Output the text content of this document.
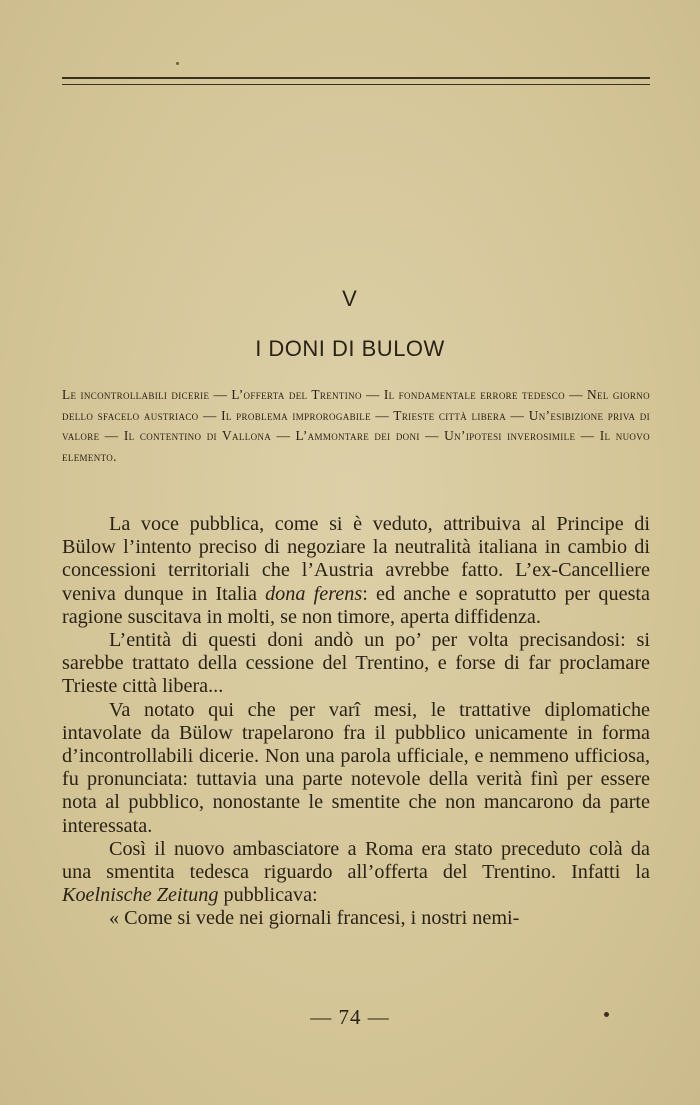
V
I DONI DI BULOW

Le incontrollabili dicerie — L’offerta del Trentino — Il fondamentale errore tedesco — Nel giorno dello sfacelo austriaco — Il problema improrogabile — Trieste città libera — Un’esibizione priva di valore — Il contentino di Vallona — L’ammontare dei doni — Un’ipotesi inverosimile — Il nuovo elemento.

La voce pubblica, come si è veduto, attribuiva al Principe di Bülow l’intento preciso di negoziare la neutralità italiana in cambio di concessioni territoriali che l’Austria avrebbe fatto. L’ex-Cancelliere veniva dunque in Italia dona ferens: ed anche e sopratutto per questa ragione suscitava in molti, se non timore, aperta diffidenza.

L’entità di questi doni andò un po’ per volta precisandosi: si sarebbe trattato della cessione del Trentino, e forse di far proclamare Trieste città libera...

Va notato qui che per varî mesi, le trattative diplomatiche intavolate da Bülow trapelarono fra il pubblico unicamente in forma d’incontrollabili dicerie. Non una parola ufficiale, e nemmeno ufficiosa, fu pronunciata: tuttavia una parte notevole della verità finì per essere nota al pubblico, nonostante le smentite che non mancarono da parte interessata.

Così il nuovo ambasciatore a Roma era stato preceduto colà da una smentita tedesca riguardo all’offerta del Trentino. Infatti la Koelnische Zeitung pubblicava:

« Come si vede nei giornali francesi, i nostri nemi-

— 74 —
